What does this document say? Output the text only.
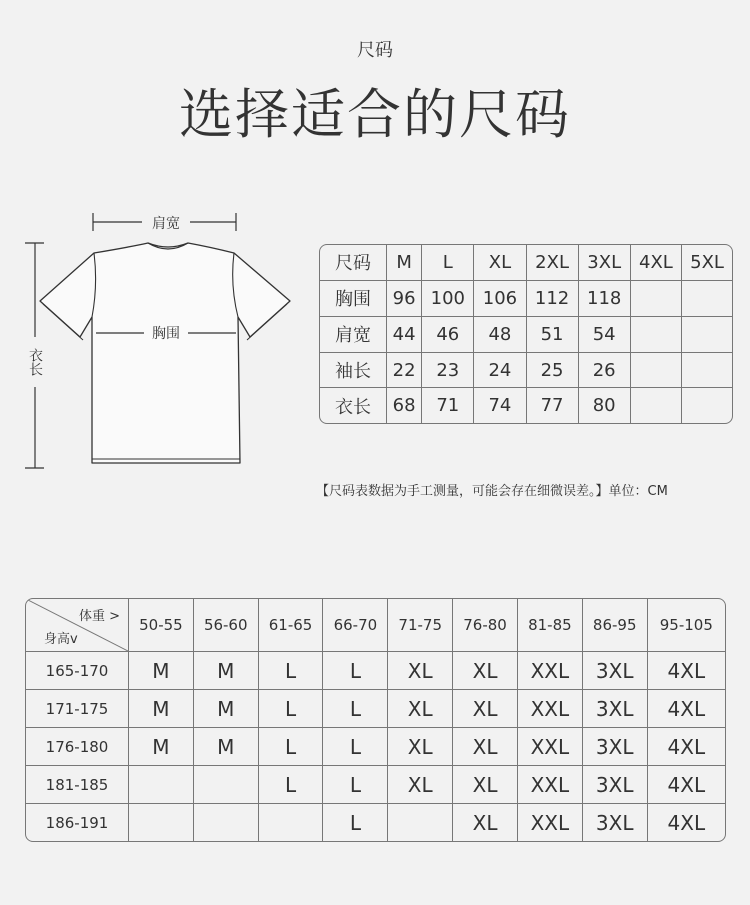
尺码
选择适合的尺码
肩宽
胸围
衣长
尺码	M	L	XL	2XL	3XL	4XL	5XL
胸围	96	100	106	112	118		
肩宽	44	46	48	51	54		
袖长	22	23	24	25	26		
衣长	68	71	74	77	80		
【尺码表数据为手工测量，可能会存在细微误差。】单位：CM
体重 >
身高v	50-55	56-60	61-65	66-70	71-75	76-80	81-85	86-95	95-105
165-170	M	M	L	L	XL	XL	XXL	3XL	4XL
171-175	M	M	L	L	XL	XL	XXL	3XL	4XL
176-180	M	M	L	L	XL	XL	XXL	3XL	4XL
181-185			L	L	XL	XL	XXL	3XL	4XL
186-191				L		XL	XXL	3XL	4XL
